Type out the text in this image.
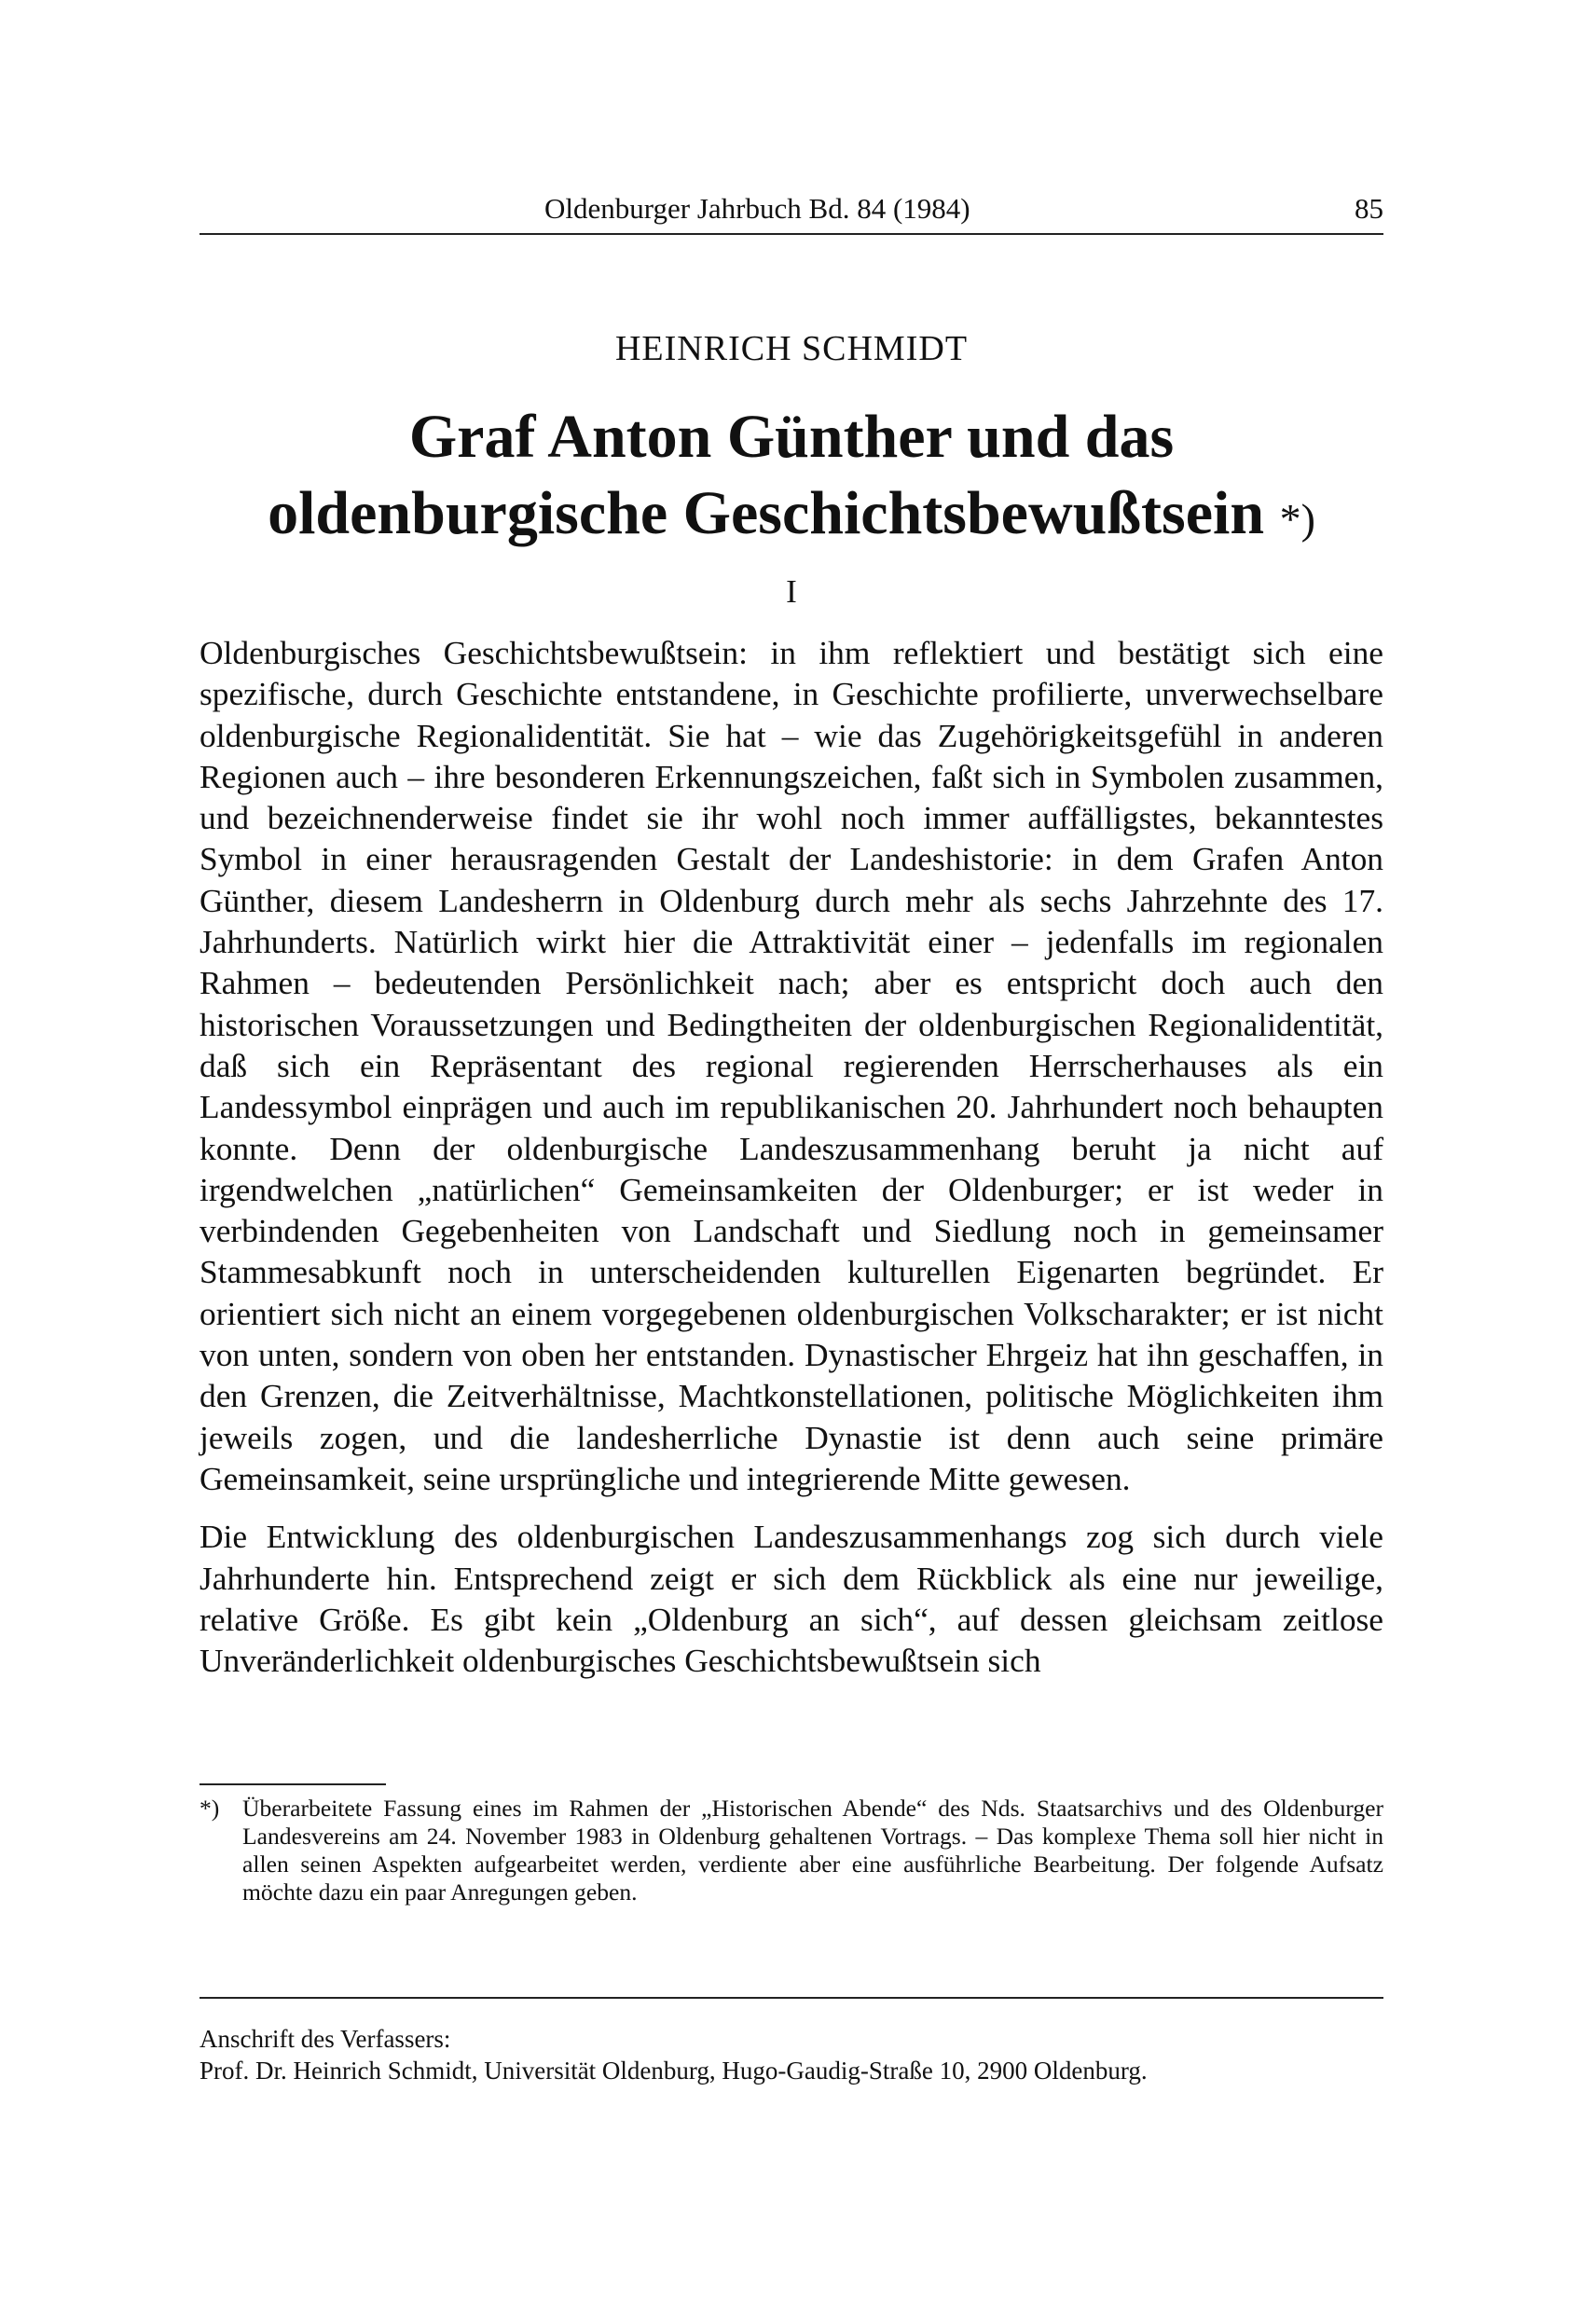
Oldenburger Jahrbuch Bd. 84 (1984)	85
HEINRICH SCHMIDT
Graf Anton Günther und das
oldenburgische Geschichtsbewußtsein *)
I

Oldenburgisches Geschichtsbewußtsein: in ihm reflektiert und bestätigt sich eine spezifische, durch Geschichte entstandene, in Geschichte profilierte, unverwechselbare oldenburgische Regionalidentität. Sie hat – wie das Zugehörigkeitsgefühl in anderen Regionen auch – ihre besonderen Erkennungszeichen, faßt sich in Symbolen zusammen, und bezeichnenderweise findet sie ihr wohl noch immer auffälligstes, bekanntestes Symbol in einer herausragenden Gestalt der Landeshistorie: in dem Grafen Anton Günther, diesem Landesherrn in Oldenburg durch mehr als sechs Jahrzehnte des 17. Jahrhunderts. Natürlich wirkt hier die Attraktivität einer – jedenfalls im regionalen Rahmen – bedeutenden Persönlichkeit nach; aber es entspricht doch auch den historischen Voraussetzungen und Bedingtheiten der oldenburgischen Regionalidentität, daß sich ein Repräsentant des regional regierenden Herrscherhauses als ein Landessymbol einprägen und auch im republikanischen 20. Jahrhundert noch behaupten konnte. Denn der oldenburgische Landeszusammenhang beruht ja nicht auf irgendwelchen „natürlichen“ Gemeinsamkeiten der Oldenburger; er ist weder in verbindenden Gegebenheiten von Landschaft und Siedlung noch in gemeinsamer Stammesabkunft noch in unterscheidenden kulturellen Eigenarten begründet. Er orientiert sich nicht an einem vorgegebenen oldenburgischen Volkscharakter; er ist nicht von unten, sondern von oben her entstanden. Dynastischer Ehrgeiz hat ihn geschaffen, in den Grenzen, die Zeitverhältnisse, Machtkonstellationen, politische Möglichkeiten ihm jeweils zogen, und die landesherrliche Dynastie ist denn auch seine primäre Gemeinsamkeit, seine ursprüngliche und integrierende Mitte gewesen.

Die Entwicklung des oldenburgischen Landeszusammenhangs zog sich durch viele Jahrhunderte hin. Entsprechend zeigt er sich dem Rückblick als eine nur jeweilige, relative Größe. Es gibt kein „Oldenburg an sich“, auf dessen gleichsam zeitlose Unveränderlichkeit oldenburgisches Geschichtsbewußtsein sich

*) Überarbeitete Fassung eines im Rahmen der „Historischen Abende“ des Nds. Staatsarchivs und des Oldenburger Landesvereins am 24. November 1983 in Oldenburg gehaltenen Vortrags. – Das komplexe Thema soll hier nicht in allen seinen Aspekten aufgearbeitet werden, verdiente aber eine ausführliche Bearbeitung. Der folgende Aufsatz möchte dazu ein paar Anregungen geben.
Anschrift des Verfassers:
Prof. Dr. Heinrich Schmidt, Universität Oldenburg, Hugo-Gaudig-Straße 10, 2900 Oldenburg.
